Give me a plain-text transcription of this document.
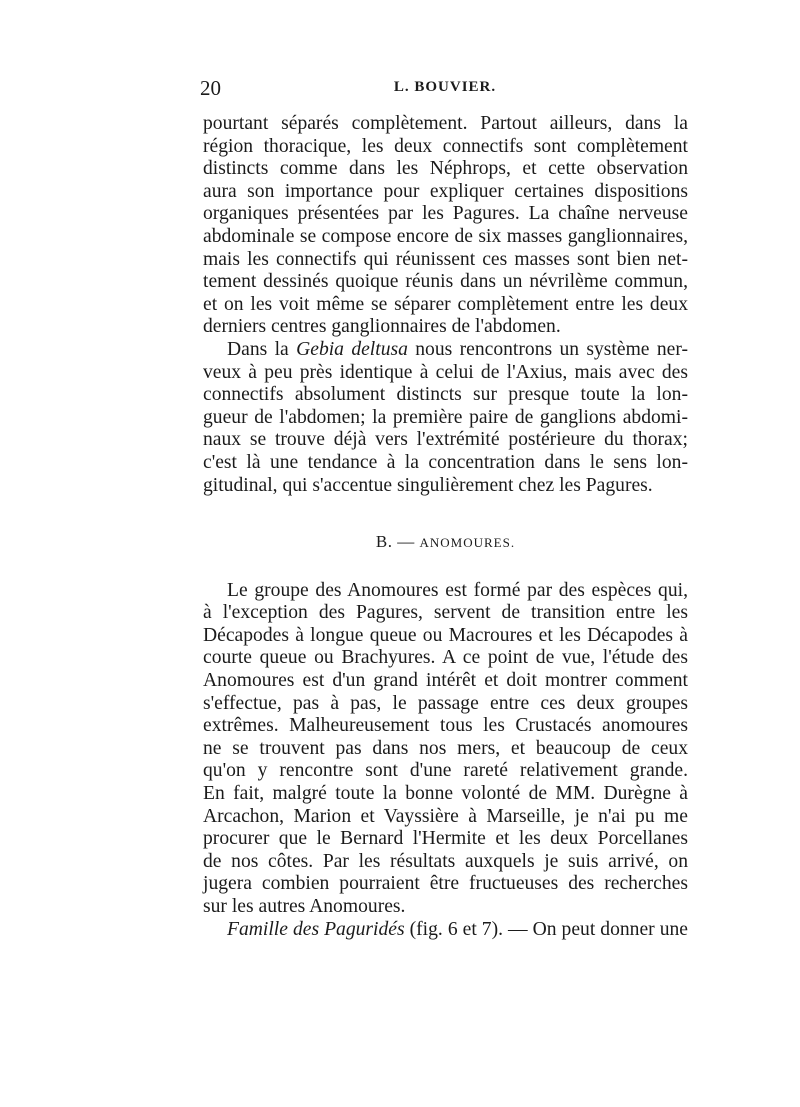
20	L. BOUVIER.

pourtant séparés complètement. Partout ailleurs, dans la
région thoracique, les deux connectifs sont complètement
distincts comme dans les Néphrops, et cette observation
aura son importance pour expliquer certaines dispositions
organiques présentées par les Pagures. La chaîne nerveuse
abdominale se compose encore de six masses ganglionnaires,
mais les connectifs qui réunissent ces masses sont bien net-
tement dessinés quoique réunis dans un névrilème commun,
et on les voit même se séparer complètement entre les deux
derniers centres ganglionnaires de l'abdomen.

Dans la Gebia deltusa nous rencontrons un système ner-
veux à peu près identique à celui de l'Axius, mais avec des
connectifs absolument distincts sur presque toute la lon-
gueur de l'abdomen; la première paire de ganglions abdomi-
naux se trouve déjà vers l'extrémité postérieure du thorax;
c'est là une tendance à la concentration dans le sens lon-
gitudinal, qui s'accentue singulièrement chez les Pagures.

B. — ANOMOURES.

Le groupe des Anomoures est formé par des espèces qui,
à l'exception des Pagures, servent de transition entre les
Décapodes à longue queue ou Macroures et les Décapodes à
courte queue ou Brachyures. A ce point de vue, l'étude des
Anomoures est d'un grand intérêt et doit montrer comment
s'effectue, pas à pas, le passage entre ces deux groupes
extrêmes. Malheureusement tous les Crustacés anomoures
ne se trouvent pas dans nos mers, et beaucoup de ceux
qu'on y rencontre sont d'une rareté relativement grande.
En fait, malgré toute la bonne volonté de MM. Durègne à
Arcachon, Marion et Vayssière à Marseille, je n'ai pu me
procurer que le Bernard l'Hermite et les deux Porcellanes
de nos côtes. Par les résultats auxquels je suis arrivé, on
jugera combien pourraient être fructueuses des recherches
sur les autres Anomoures.

Famille des Paguridés (fig. 6 et 7). — On peut donner une
